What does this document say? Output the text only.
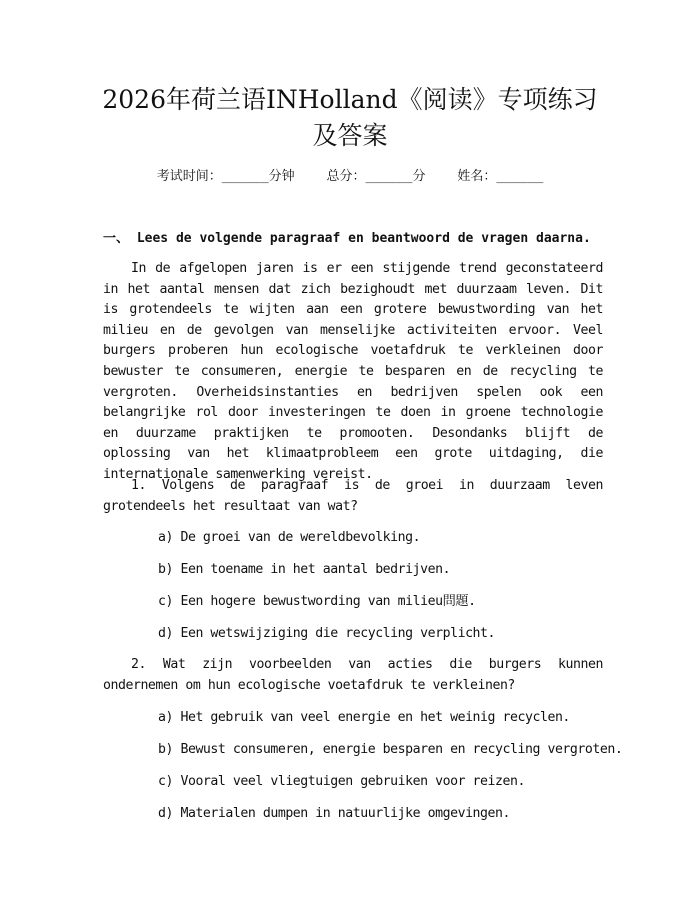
2026年荷兰语INHolland《阅读》专项练习
及答案
考试时间：______分钟 总分：______分 姓名：______
一、 Lees de volgende paragraaf en beantwoord de vragen daarna.
In de afgelopen jaren is er een stijgende trend geconstateerd in het aantal mensen dat zich bezighoudt met duurzaam leven. Dit is grotendeels te wijten aan een grotere bewustwording van het milieu en de gevolgen van menselijke activiteiten ervoor. Veel burgers proberen hun ecologische voetafdruk te verkleinen door bewuster te consumeren, energie te besparen en de recycling te vergroten. Overheidsinstanties en bedrijven spelen ook een belangrijke rol door investeringen te doen in groene technologie en duurzame praktijken te promooten. Desondanks blijft de oplossing van het klimaatprobleem een grote uitdaging, die internationale samenwerking vereist.
1. Volgens de paragraaf is de groei in duurzaam leven grotendeels het resultaat van wat?
a) De groei van de wereldbevolking.
b) Een toename in het aantal bedrijven.
c) Een hogere bewustwording van milieu問題.
d) Een wetswijziging die recycling verplicht.
2. Wat zijn voorbeelden van acties die burgers kunnen ondernemen om hun ecologische voetafdruk te verkleinen?
a) Het gebruik van veel energie en het weinig recyclen.
b) Bewust consumeren, energie besparen en recycling vergroten.
c) Vooral veel vliegtuigen gebruiken voor reizen.
d) Materialen dumpen in natuurlijke omgevingen.
